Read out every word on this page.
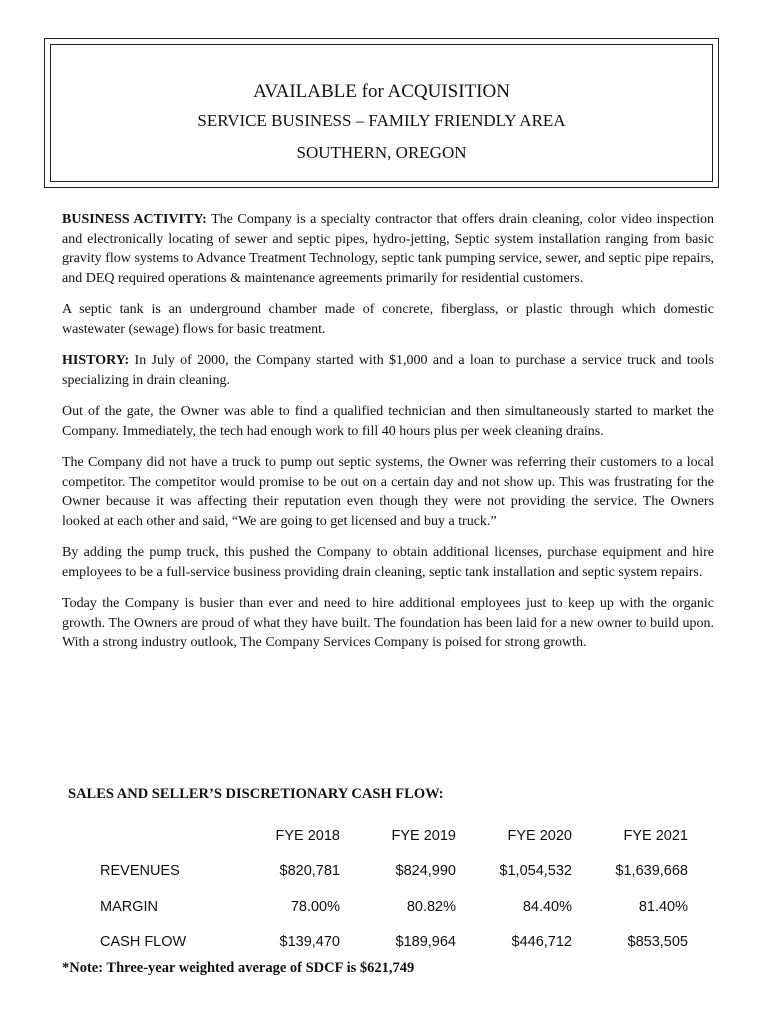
AVAILABLE for ACQUISITION
SERVICE BUSINESS – FAMILY FRIENDLY AREA
SOUTHERN, OREGON

BUSINESS ACTIVITY: The Company is a specialty contractor that offers drain cleaning, color video inspection and electronically locating of sewer and septic pipes, hydro-jetting, Septic system installation ranging from basic gravity flow systems to Advance Treatment Technology, septic tank pumping service, sewer, and septic pipe repairs, and DEQ required operations & maintenance agreements primarily for residential customers.

A septic tank is an underground chamber made of concrete, fiberglass, or plastic through which domestic wastewater (sewage) flows for basic treatment.

HISTORY: In July of 2000, the Company started with $1,000 and a loan to purchase a service truck and tools specializing in drain cleaning.

Out of the gate, the Owner was able to find a qualified technician and then simultaneously started to market the Company. Immediately, the tech had enough work to fill 40 hours plus per week cleaning drains.

The Company did not have a truck to pump out septic systems, the Owner was referring their customers to a local competitor. The competitor would promise to be out on a certain day and not show up. This was frustrating for the Owner because it was affecting their reputation even though they were not providing the service. The Owners looked at each other and said, “We are going to get licensed and buy a truck.”

By adding the pump truck, this pushed the Company to obtain additional licenses, purchase equipment and hire employees to be a full-service business providing drain cleaning, septic tank installation and septic system repairs.

Today the Company is busier than ever and need to hire additional employees just to keep up with the organic growth. The Owners are proud of what they have built. The foundation has been laid for a new owner to build upon. With a strong industry outlook, The Company Services Company is poised for strong growth.

SALES AND SELLER’S DISCRETIONARY CASH FLOW:
	FYE 2018	FYE 2019	FYE 2020	FYE 2021
REVENUES	$820,781	$824,990	$1,054,532	$1,639,668
MARGIN	78.00%	80.82%	84.40%	81.40%
CASH FLOW	$139,470	$189,964	$446,712	$853,505
*Note: Three-year weighted average of SDCF is $621,749
